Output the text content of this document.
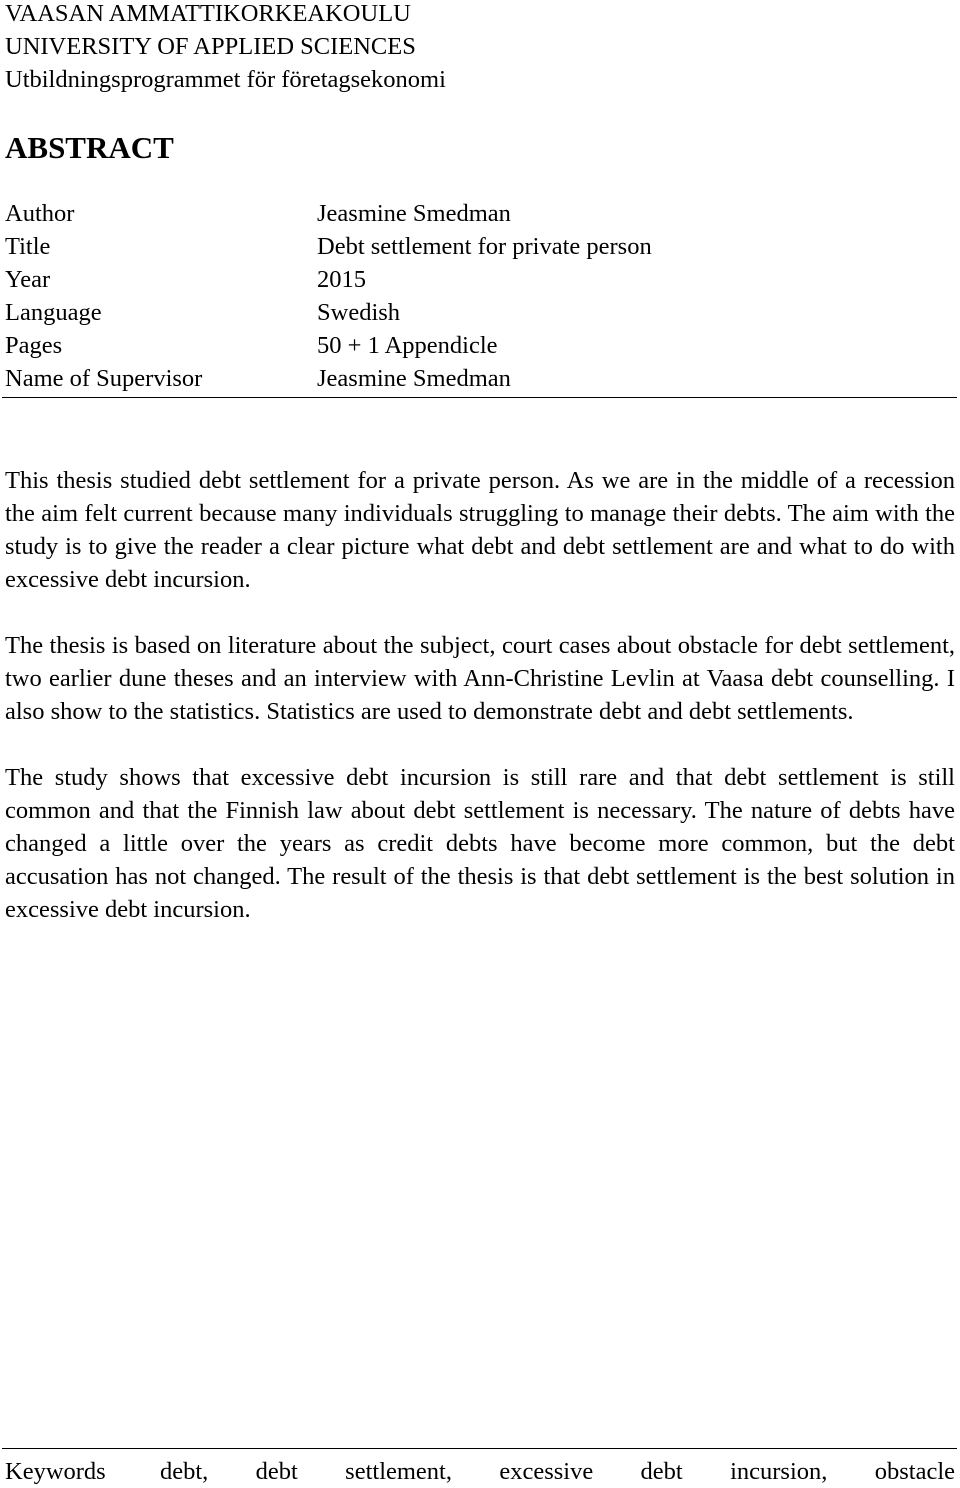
VAASAN AMMATTIKORKEAKOULU
UNIVERSITY OF APPLIED SCIENCES
Utbildningsprogrammet för företagsekonomi
ABSTRACT
Author	Jeasmine Smedman
Title	Debt settlement for private person
Year	2015
Language	Swedish
Pages	50 + 1 Appendicle
Name of Supervisor	Jeasmine Smedman

This thesis studied debt settlement for a private person. As we are in the middle of a recession the aim felt current because many individuals struggling to manage their debts. The aim with the study is to give the reader a clear picture what debt and debt settlement are and what to do with excessive debt incursion.

The thesis is based on literature about the subject, court cases about obstacle for debt settlement, two earlier dune theses and an interview with Ann-Christine Levlin at Vaasa debt counselling. I also show to the statistics. Statistics are used to demonstrate debt and debt settlements.

The study shows that excessive debt incursion is still rare and that debt settlement is still common and that the Finnish law about debt settlement is necessary. The nature of debts have changed a little over the years as credit debts have become more common, but the debt accusation has not changed. The result of the thesis is that debt settlement is the best solution in excessive debt incursion.

Keywords debt, debt settlement, excessive debt incursion, obstacle
